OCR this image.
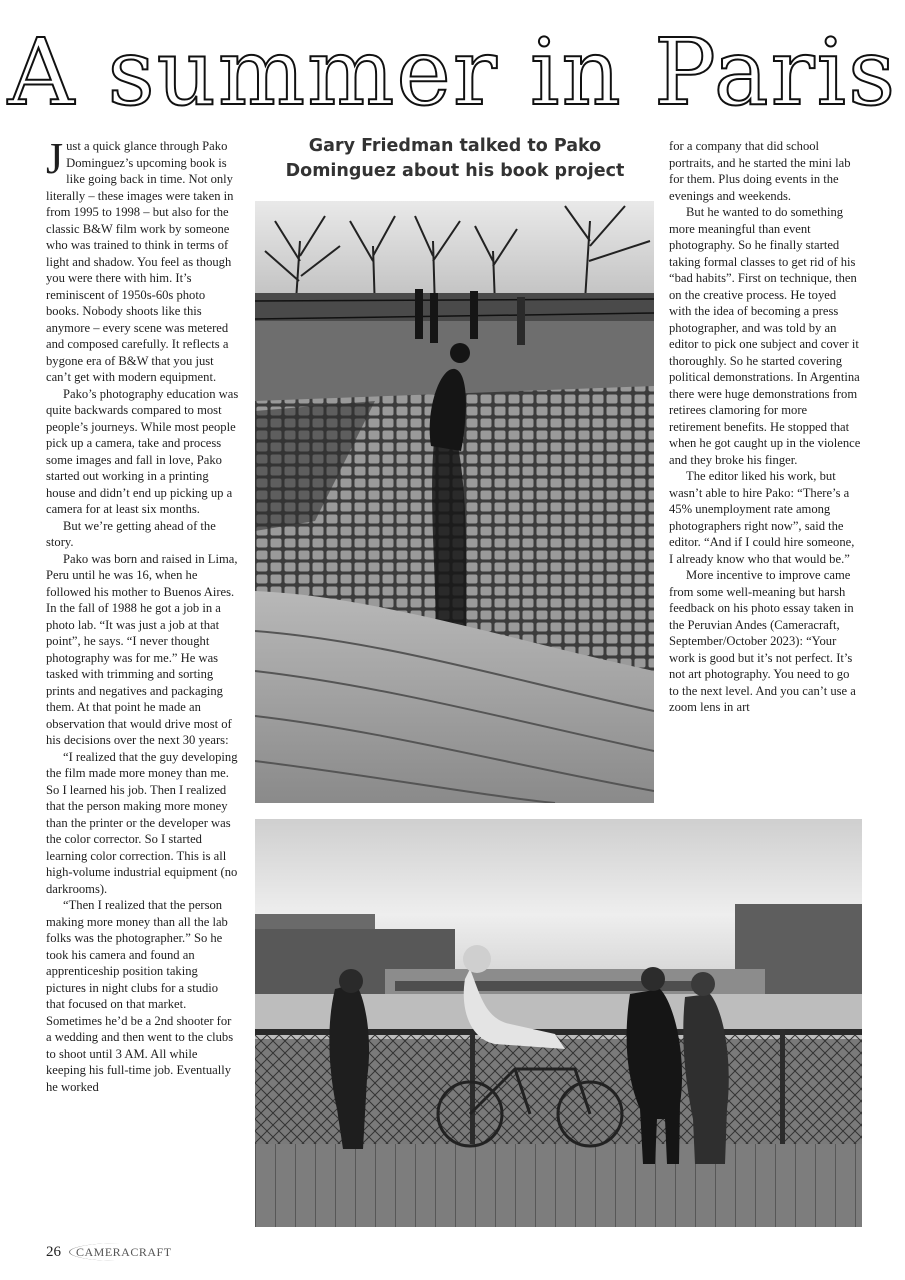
A summer in Paris

Just a quick glance through Pako Dominguez’s upcoming book is like going back in time. Not only literally – these images were taken in from 1995 to 1998 – but also for the classic B&W film work by someone who was trained to think in terms of light and shadow. You feel as though you were there with him. It’s reminiscent of 1950s-60s photo books. Nobody shoots like this anymore – every scene was metered and composed carefully. It reflects a bygone era of B&W that you just can’t get with modern equipment.

Pako’s photography education was quite backwards compared to most people’s journeys. While most people pick up a camera, take and process some images and fall in love, Pako started out working in a printing house and didn’t end up picking up a camera for at least six months.

But we’re getting ahead of the story.

Pako was born and raised in Lima, Peru until he was 16, when he followed his mother to Buenos Aires. In the fall of 1988 he got a job in a photo lab. “It was just a job at that point”, he says. “I never thought photography was for me.” He was tasked with trimming and sorting prints and negatives and packaging them. At that point he made an observation that would drive most of his decisions over the next 30 years:

“I realized that the guy developing the film made more money than me. So I learned his job. Then I realized that the person making more money than the printer or the developer was the color corrector. So I started learning color correction. This is all high-volume industrial equipment (no darkrooms).

“Then I realized that the person making more money than all the lab folks was the photographer.” So he took his camera and found an apprenticeship position taking pictures in night clubs for a studio that focused on that market. Sometimes he’d be a 2nd shooter for a wedding and then went to the clubs to shoot until 3 AM. All while keeping his full-time job. Eventually he worked

Gary Friedman talked to Pako Dominguez about his book project

for a company that did school portraits, and he started the mini lab for them. Plus doing events in the evenings and weekends.

But he wanted to do something more meaningful than event photography. So he finally started taking formal classes to get rid of his “bad habits”. First on technique, then on the creative process. He toyed with the idea of becoming a press photographer, and was told by an editor to pick one subject and cover it thoroughly. So he started covering political demonstrations. In Argentina there were huge demonstrations from retirees clamoring for more retirement benefits. He stopped that when he got caught up in the violence and they broke his finger.

The editor liked his work, but wasn’t able to hire Pako: “There’s a 45% unemployment rate among photographers right now”, said the editor. “And if I could hire someone, I already know who that would be.”

More incentive to improve came from some well-meaning but harsh feedback on his photo essay taken in the Peruvian Andes (Cameracraft, September/October 2023): “Your work is good but it’s not perfect. It’s not art photography. You need to go to the next level. And you can’t use a zoom lens in art

26	CAMERACRAFT
